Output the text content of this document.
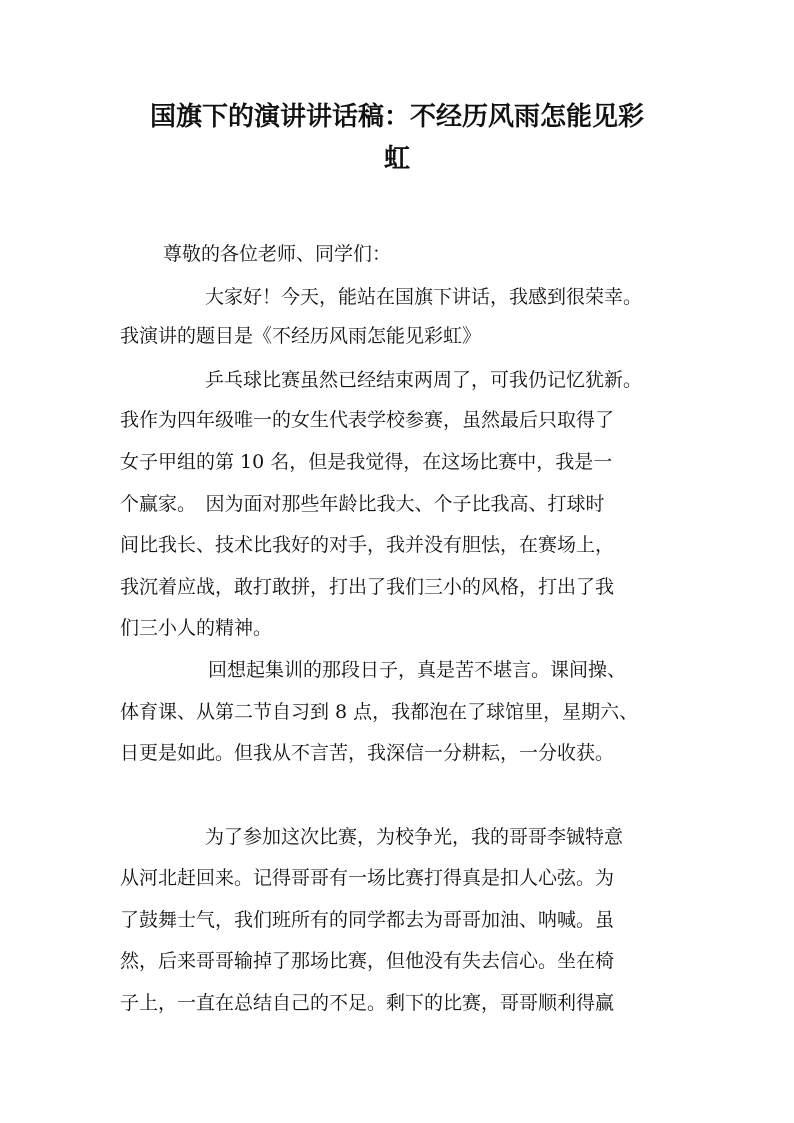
国旗下的演讲讲话稿：不经历风雨怎能见彩
虹

尊敬的各位老师、同学们：

大家好！今天，能站在国旗下讲话，我感到很荣幸。

我演讲的题目是《不经历风雨怎能见彩虹》

乒乓球比赛虽然已经结束两周了，可我仍记忆犹新。

我作为四年级唯一的女生代表学校参赛，虽然最后只取得了

女子甲组的第 10 名，但是我觉得，在这场比赛中，我是一

个赢家。　因为面对那些年龄比我大、个子比我高、打球时

间比我长、技术比我好的对手，我并没有胆怯，在赛场上，

我沉着应战，敢打敢拼，打出了我们三小的风格，打出了我

们三小人的精神。

回想起集训的那段日子，真是苦不堪言。课间操、

体育课、从第二节自习到 8 点，我都泡在了球馆里，星期六、

日更是如此。但我从不言苦，我深信一分耕耘，一分收获。

为了参加这次比赛，为校争光，我的哥哥李铖特意

从河北赶回来。记得哥哥有一场比赛打得真是扣人心弦。为

了鼓舞士气，我们班所有的同学都去为哥哥加油、呐喊。虽

然，后来哥哥输掉了那场比赛，但他没有失去信心。坐在椅

子上，一直在总结自己的不足。剩下的比赛，哥哥顺利得赢
